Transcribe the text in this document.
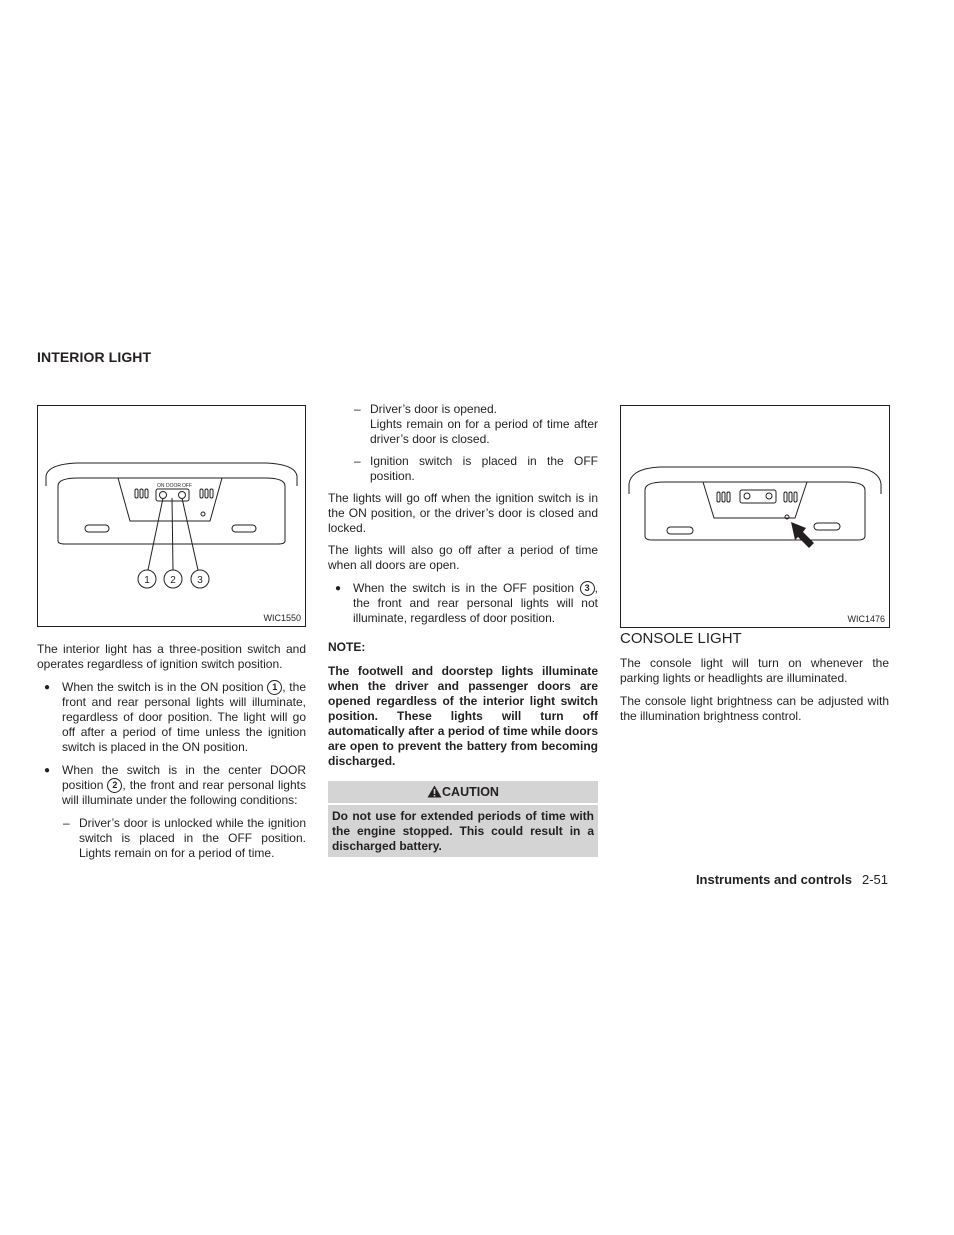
INTERIOR LIGHT
ON DOOR OFF
1 2 3
WIC1550

The interior light has a three-position switch and operates regardless of ignition switch position.

● When the switch is in the ON position 1 , the front and rear personal lights will illuminate, regardless of door position. The light will go off after a period of time unless the ignition switch is placed in the ON position.
● When the switch is in the center DOOR position 2 , the front and rear personal lights will illuminate under the following conditions:
– Driver’s door is unlocked while the ignition switch is placed in the OFF position. Lights remain on for a period of time.
– Driver’s door is opened.
Lights remain on for a period of time after driver’s door is closed.
– Ignition switch is placed in the OFF position.

The lights will go off when the ignition switch is in the ON position, or the driver’s door is closed and locked.

The lights will also go off after a period of time when all doors are open.

● When the switch is in the OFF position 3 , the front and rear personal lights will not illuminate, regardless of door position.

NOTE:

The footwell and doorstep lights illuminate when the driver and passenger doors are opened regardless of the interior light switch position. These lights will turn off automatically after a period of time while doors are open to prevent the battery from becoming discharged.

CAUTION
Do not use for extended periods of time with the engine stopped. This could result in a discharged battery.
WIC1476
CONSOLE LIGHT

The console light will turn on whenever the parking lights or headlights are illuminated.

The console light brightness can be adjusted with the illumination brightness control.

Instruments and controls 2-51
